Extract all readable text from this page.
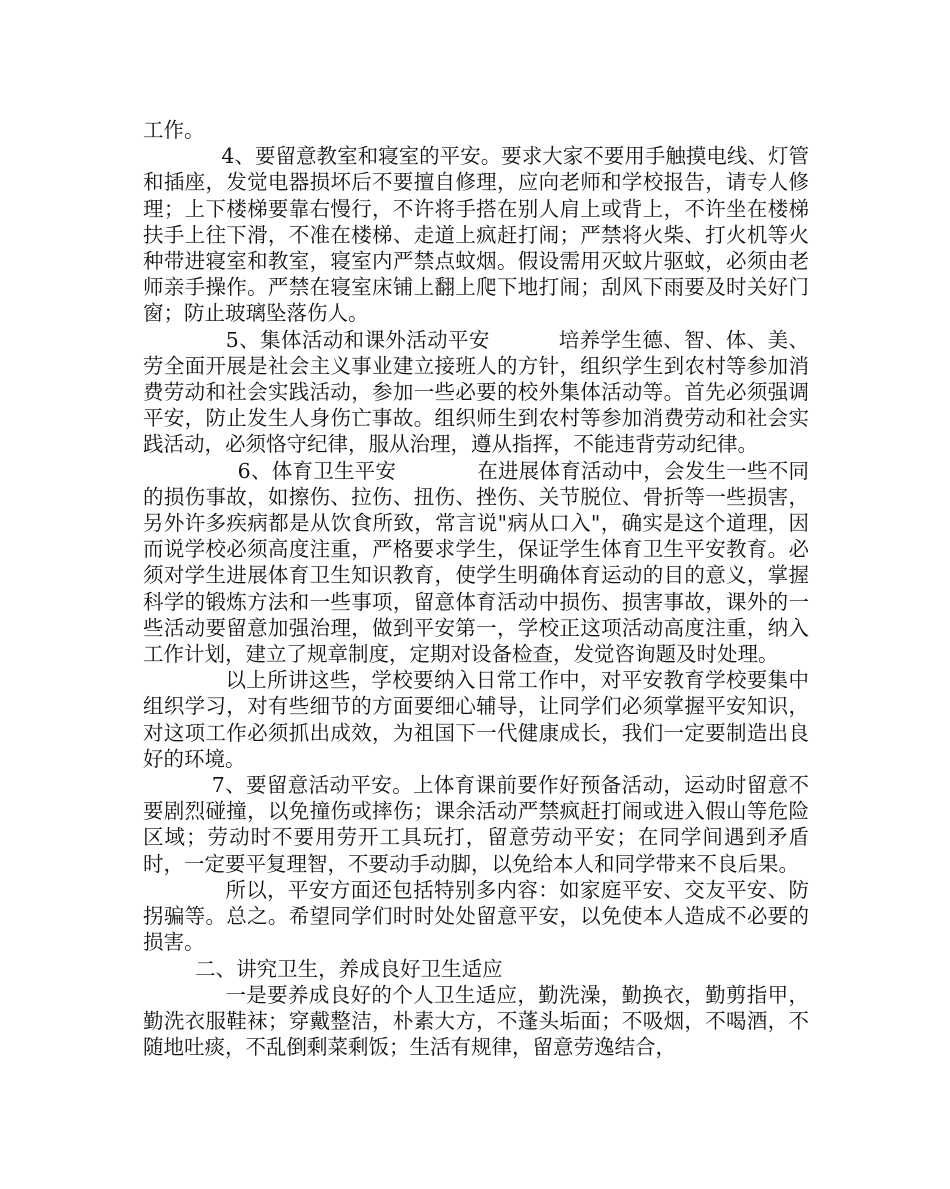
工作。

4、要留意教室和寝室的平安。要求大家不要用手触摸电线、灯管和插座，发觉电器损坏后不要擅自修理，应向老师和学校报告，请专人修理；上下楼梯要靠右慢行，不许将手搭在别人肩上或背上，不许坐在楼梯扶手上往下滑，不准在楼梯、走道上疯赶打闹；严禁将火柴、打火机等火种带进寝室和教室，寝室内严禁点蚊烟。假设需用灭蚊片驱蚊，必须由老师亲手操作。严禁在寝室床铺上翻上爬下地打闹；刮风下雨要及时关好门窗；防止玻璃坠落伤人。

5、集体活动和课外活动平安          培养学生德、智、体、美、劳全面开展是社会主义事业建立接班人的方针，组织学生到农村等参加消费劳动和社会实践活动，参加一些必要的校外集体活动等。首先必须强调平安，防止发生人身伤亡事故。组织师生到农村等参加消费劳动和社会实践活动，必须恪守纪律，服从治理，遵从指挥，不能违背劳动纪律。

6、体育卫生平安            在进展体育活动中，会发生一些不同的损伤事故，如擦伤、拉伤、扭伤、挫伤、关节脱位、骨折等一些损害，另外许多疾病都是从饮食所致，常言说"病从口入"，确实是这个道理，因而说学校必须高度注重，严格要求学生，保证学生体育卫生平安教育。必须对学生进展体育卫生知识教育，使学生明确体育运动的目的意义，掌握科学的锻炼方法和一些事项，留意体育活动中损伤、损害事故，课外的一些活动要留意加强治理，做到平安第一，学校正这项活动高度注重，纳入工作计划，建立了规章制度，定期对设备检查，发觉咨询题及时处理。

以上所讲这些，学校要纳入日常工作中，对平安教育学校要集中组织学习，对有些细节的方面要细心辅导，让同学们必须掌握平安知识，对这项工作必须抓出成效，为祖国下一代健康成长，我们一定要制造出良好的环境。

7、要留意活动平安。上体育课前要作好预备活动，运动时留意不要剧烈碰撞，以免撞伤或摔伤；课余活动严禁疯赶打闹或进入假山等危险区域；劳动时不要用劳开工具玩打，留意劳动平安；在同学间遇到矛盾时，一定要平复理智，不要动手动脚，以免给本人和同学带来不良后果。

所以，平安方面还包括特别多内容：如家庭平安、交友平安、防拐骗等。总之。希望同学们时时处处留意平安，以免使本人造成不必要的损害。

二、讲究卫生，养成良好卫生适应

一是要养成良好的个人卫生适应，勤洗澡，勤换衣，勤剪指甲，勤洗衣服鞋袜；穿戴整洁，朴素大方，不蓬头垢面；不吸烟，不喝酒，不随地吐痰，不乱倒剩菜剩饭；生活有规律，留意劳逸结合，
